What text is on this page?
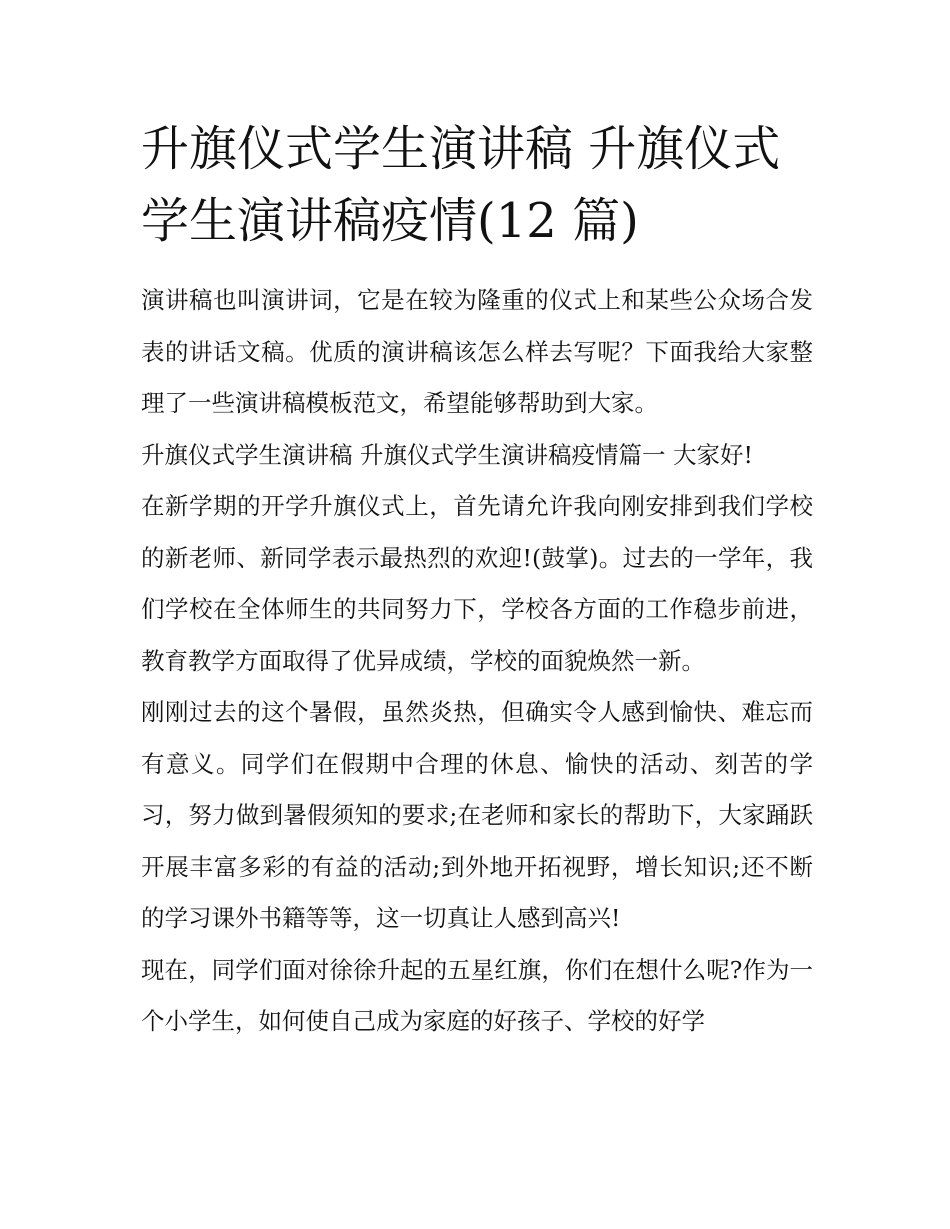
升旗仪式学生演讲稿 升旗仪式学生演讲稿疫情(12 篇)

演讲稿也叫演讲词，它是在较为隆重的仪式上和某些公众场合发表的讲话文稿。优质的演讲稿该怎么样去写呢？下面我给大家整理了一些演讲稿模板范文，希望能够帮助到大家。

升旗仪式学生演讲稿 升旗仪式学生演讲稿疫情篇一 大家好!

在新学期的开学升旗仪式上，首先请允许我向刚安排到我们学校的新老师、新同学表示最热烈的欢迎!(鼓掌)。过去的一学年，我们学校在全体师生的共同努力下，学校各方面的工作稳步前进，教育教学方面取得了优异成绩，学校的面貌焕然一新。

刚刚过去的这个暑假，虽然炎热，但确实令人感到愉快、难忘而有意义。同学们在假期中合理的休息、愉快的活动、刻苦的学习，努力做到暑假须知的要求;在老师和家长的帮助下，大家踊跃开展丰富多彩的有益的活动;到外地开拓视野，增长知识;还不断的学习课外书籍等等，这一切真让人感到高兴!

现在，同学们面对徐徐升起的五星红旗，你们在想什么呢?作为一个小学生，如何使自己成为家庭的好孩子、学校的好学
